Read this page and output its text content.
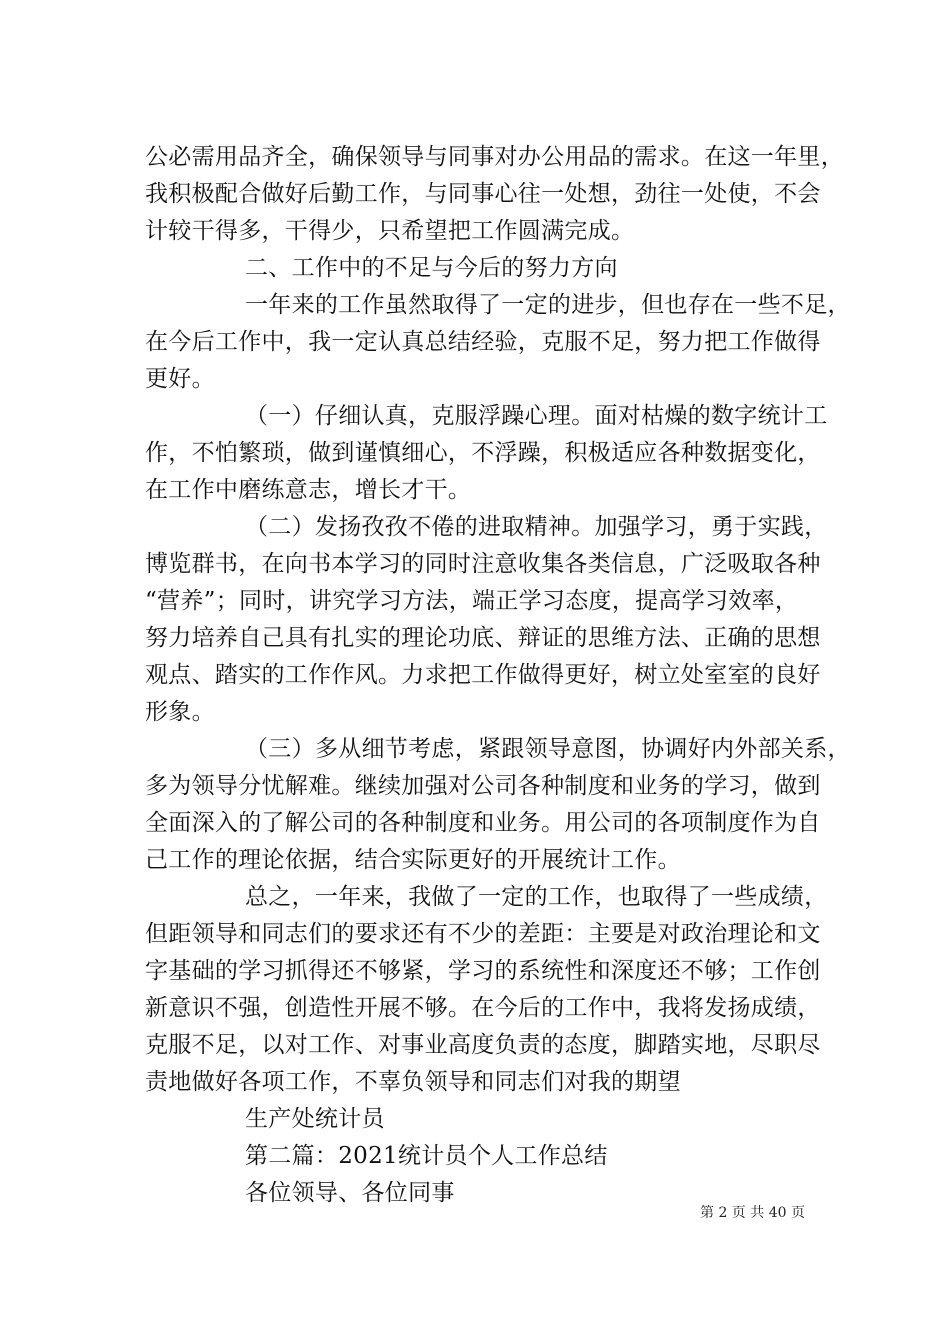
公必需用品齐全，确保领导与同事对办公用品的需求。在这一年里，
我积极配合做好后勤工作，与同事心往一处想，劲往一处使，不会
计较干得多，干得少，只希望把工作圆满完成。
二、工作中的不足与今后的努力方向
一年来的工作虽然取得了一定的进步，但也存在一些不足，
在今后工作中，我一定认真总结经验，克服不足，努力把工作做得
更好。
（一）仔细认真，克服浮躁心理。面对枯燥的数字统计工
作，不怕繁琐，做到谨慎细心，不浮躁，积极适应各种数据变化，
在工作中磨练意志，增长才干。
（二）发扬孜孜不倦的进取精神。加强学习，勇于实践，
博览群书，在向书本学习的同时注意收集各类信息，广泛吸取各种
“营养”；同时，讲究学习方法，端正学习态度，提高学习效率，
努力培养自己具有扎实的理论功底、辩证的思维方法、正确的思想
观点、踏实的工作作风。力求把工作做得更好，树立处室室的良好
形象。
（三）多从细节考虑，紧跟领导意图，协调好内外部关系，
多为领导分忧解难。继续加强对公司各种制度和业务的学习，做到
全面深入的了解公司的各种制度和业务。用公司的各项制度作为自
己工作的理论依据，结合实际更好的开展统计工作。
总之，一年来，我做了一定的工作，也取得了一些成绩，
但距领导和同志们的要求还有不少的差距：主要是对政治理论和文
字基础的学习抓得还不够紧，学习的系统性和深度还不够；工作创
新意识不强，创造性开展不够。在今后的工作中，我将发扬成绩，
克服不足，以对工作、对事业高度负责的态度，脚踏实地，尽职尽
责地做好各项工作，不辜负领导和同志们对我的期望
生产处统计员
第二篇：2021统计员个人工作总结
各位领导、各位同事
第 2 页 共 40 页
